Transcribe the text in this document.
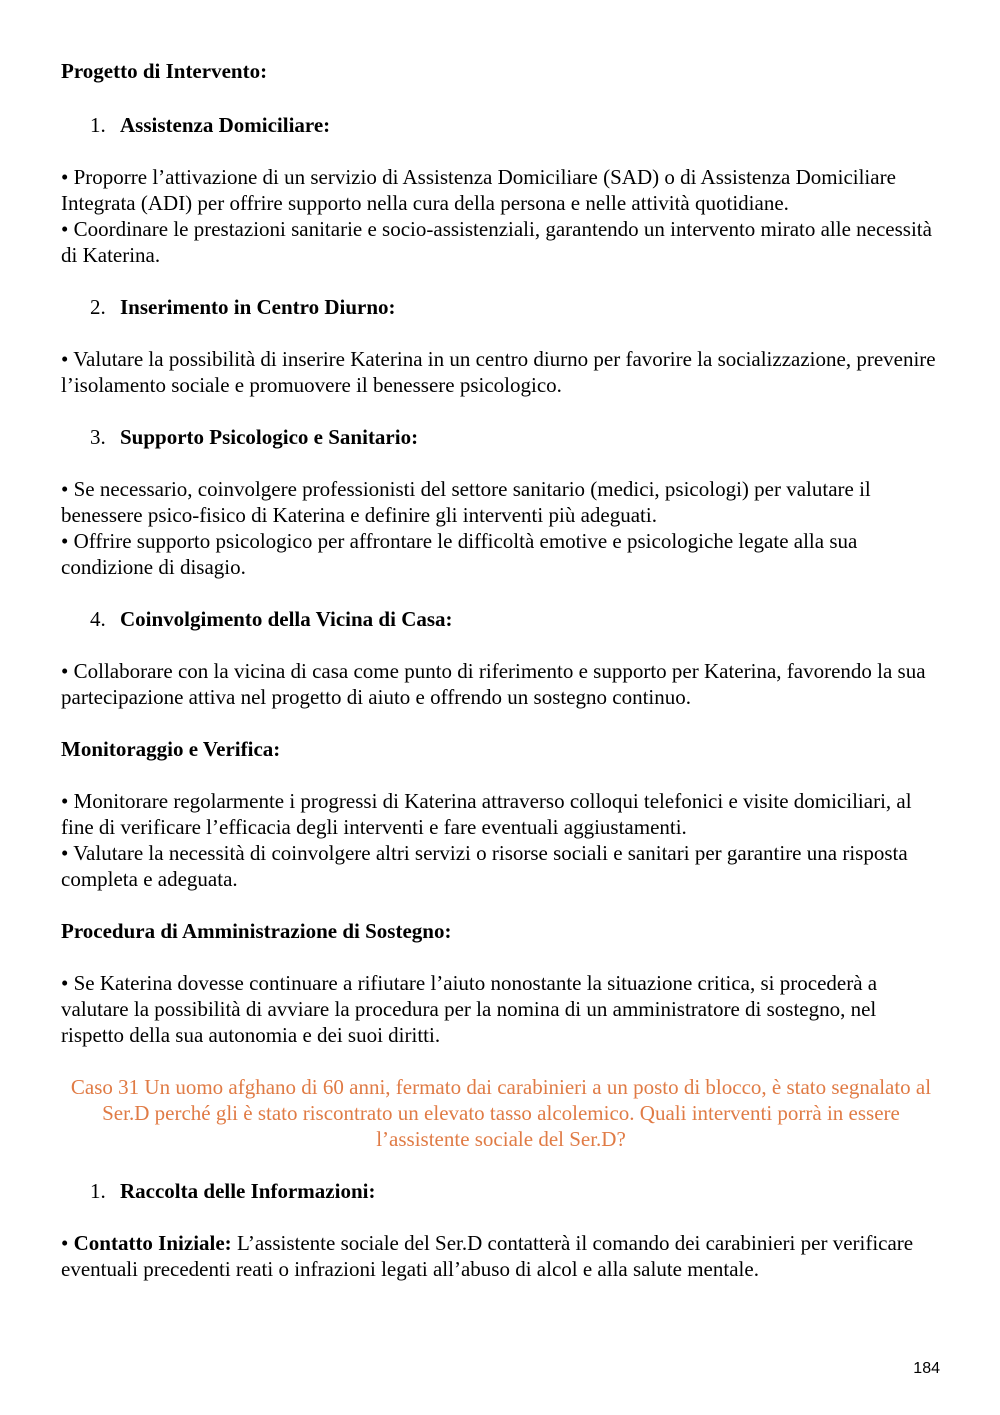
Progetto di Intervento:

1. Assistenza Domiciliare:

• Proporre l’attivazione di un servizio di Assistenza Domiciliare (SAD) o di Assistenza Domiciliare Integrata (ADI) per offrire supporto nella cura della persona e nelle attività quotidiane.

• Coordinare le prestazioni sanitarie e socio-assistenziali, garantendo un intervento mirato alle necessità di Katerina.

2. Inserimento in Centro Diurno:

• Valutare la possibilità di inserire Katerina in un centro diurno per favorire la socializzazione, prevenire l’isolamento sociale e promuovere il benessere psicologico.

3. Supporto Psicologico e Sanitario:

• Se necessario, coinvolgere professionisti del settore sanitario (medici, psicologi) per valutare il benessere psico-fisico di Katerina e definire gli interventi più adeguati.

• Offrire supporto psicologico per affrontare le difficoltà emotive e psicologiche legate alla sua condizione di disagio.

4. Coinvolgimento della Vicina di Casa:

• Collaborare con la vicina di casa come punto di riferimento e supporto per Katerina, favorendo la sua partecipazione attiva nel progetto di aiuto e offrendo un sostegno continuo.

Monitoraggio e Verifica:

• Monitorare regolarmente i progressi di Katerina attraverso colloqui telefonici e visite domiciliari, al fine di verificare l’efficacia degli interventi e fare eventuali aggiustamenti.

• Valutare la necessità di coinvolgere altri servizi o risorse sociali e sanitari per garantire una risposta completa e adeguata.

Procedura di Amministrazione di Sostegno:

• Se Katerina dovesse continuare a rifiutare l’aiuto nonostante la situazione critica, si procederà a valutare la possibilità di avviare la procedura per la nomina di un amministratore di sostegno, nel rispetto della sua autonomia e dei suoi diritti.

Caso 31 Un uomo afghano di 60 anni, fermato dai carabinieri a un posto di blocco, è stato segnalato al Ser.D perché gli è stato riscontrato un elevato tasso alcolemico. Quali interventi porrà in essere l’assistente sociale del Ser.D?

1. Raccolta delle Informazioni:

• Contatto Iniziale: L’assistente sociale del Ser.D contatterà il comando dei carabinieri per verificare eventuali precedenti reati o infrazioni legati all’abuso di alcol e alla salute mentale.

184
